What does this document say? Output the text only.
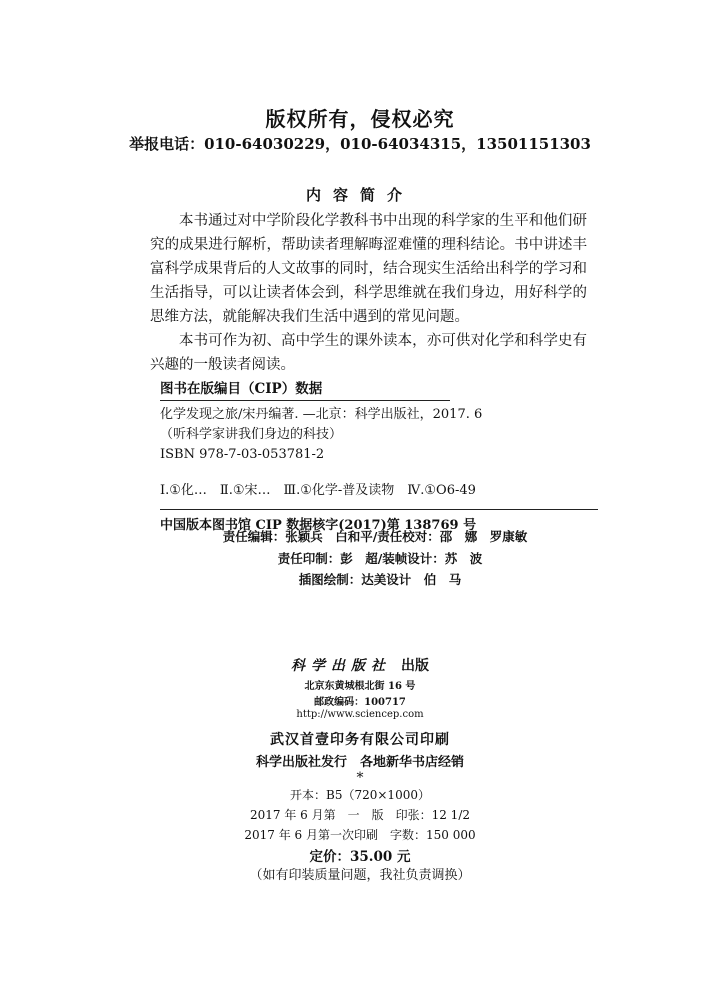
版权所有，侵权必究
举报电话：010-64030229，010-64034315，13501151303
内容简介

本书通过对中学阶段化学教科书中出现的科学家的生平和他们研究的成果进行解析，帮助读者理解晦涩难懂的理科结论。书中讲述丰富科学成果背后的人文故事的同时，结合现实生活给出科学的学习和生活指导，可以让读者体会到，科学思维就在我们身边，用好科学的思维方法，就能解决我们生活中遇到的常见问题。

本书可作为初、高中学生的课外读本，亦可供对化学和科学史有兴趣的一般读者阅读。

图书在版编目（CIP）数据
化学发现之旅/宋丹编著. —北京：科学出版社，2017. 6
（听科学家讲我们身边的科技）
ISBN 978-7-03-053781-2
Ⅰ.①化…　Ⅱ.①宋…　Ⅲ.①化学-普及读物　Ⅳ.①O6-49
中国版本图书馆 CIP 数据核字(2017)第 138769 号
责任编辑：张颖兵　白和平/责任校对：邵　娜　罗康敏
责任印制：彭　超/装帧设计：苏　波
插图绘制：达美设计　伯　马
科学出版社 出版
北京东黄城根北街 16 号
邮政编码：100717
http://www.sciencep.com
武汉首壹印务有限公司印刷
科学出版社发行　各地新华书店经销
*
开本：B5（720×1000）
2017 年 6 月第　一　版　印张：12 1/2
2017 年 6 月第一次印刷　字数：150 000
定价：35.00 元
（如有印装质量问题，我社负责调换）
